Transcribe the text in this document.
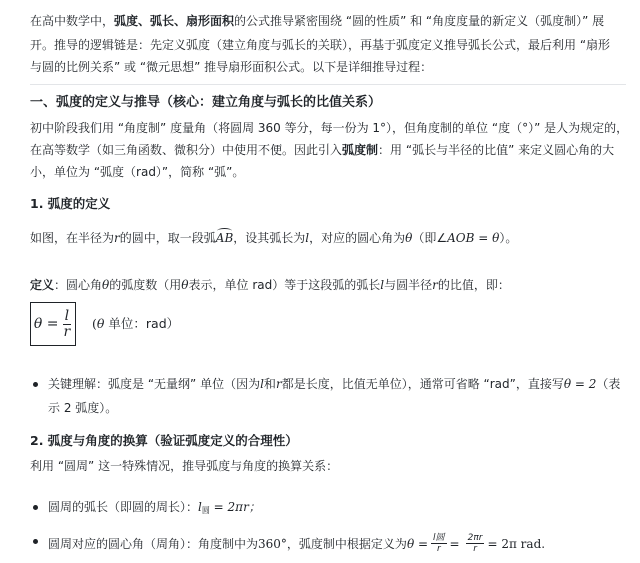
在高中数学中，弧度、弧长、扇形面积的公式推导紧密围绕 “圆的性质” 和 “角度度量的新定义（弧度制）” 展
开。推导的逻辑链是：先定义弧度（建立角度与弧长的关联），再基于弧度定义推导弧长公式，最后利用 “扇形
与圆的比例关系” 或 “微元思想” 推导扇形面积公式。以下是详细推导过程：
一、弧度的定义与推导（核心：建立角度与弧长的比值关系）
初中阶段我们用 “角度制” 度量角（将圆周 360 等分，每一份为 1°），但角度制的单位 “度（°）” 是人为规定的，
在高等数学（如三角函数、微积分）中使用不便。因此引入弧度制：用 “弧长与半径的比值” 来定义圆心角的大
小，单位为 “弧度（rad）”，简称 “弧”。
1. 弧度的定义
如图，在半径为r的圆中，取一段弧AB，设其弧长为l，对应的圆心角为θ（即∠AOB = θ）。
定义：圆心角θ的弧度数（用θ表示，单位 rad）等于这段弧的弧长l与圆半径r的比值，即：
$\theta = \frac{l}{r} (\theta$ 单位：rad）
关键理解：弧度是 “无量纲” 单位（因为l和r都是长度，比值无单位），通常可省略 “rad”，直接写θ = 2（表
示 2 弧度）。
2. 弧度与角度的换算（验证弧度定义的合理性）
利用 “圆周” 这一特殊情况，推导弧度与角度的换算关系：
圆周的弧长（即圆的周长）：$l_圆 = 2\pi r$；
圆周对应的圆心角（周角）：角度制中为 360° ，弧度制中根据定义为 $\theta = \frac{\text{l圆}}{r} = \frac{2\pi r}{r} = 2\pi$ rad.
